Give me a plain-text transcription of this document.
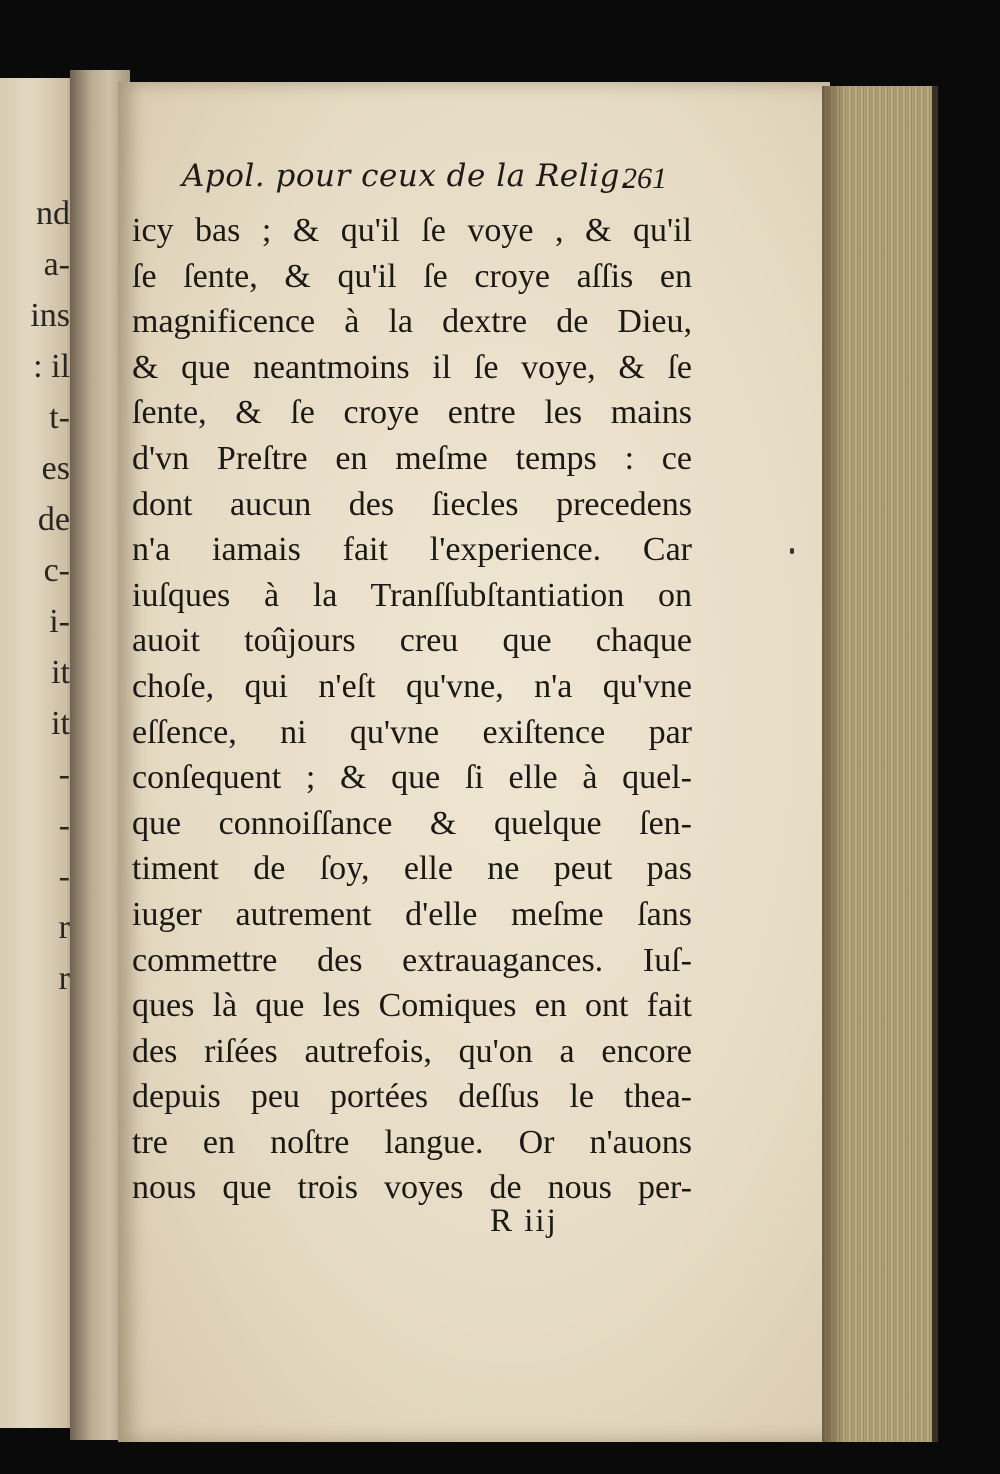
nd
a-
ins
: il
t-
es
de
c-
i-
it
it
-
-
-
r
r
Apol. pour ceux de la Relig.
261
icy bas ; & qu'il ſe voye , & qu'il
ſe ſente, & qu'il ſe croye aſſis en
magnificence à la dextre de Dieu,
& que neantmoins il ſe voye, & ſe
ſente, & ſe croye entre les mains
d'vn Preſtre en meſme temps : ce
dont aucun des ſiecles precedens
n'a iamais fait l'experience. Car
iuſques à la Tranſſubſtantiation on
auoit toûjours creu que chaque
choſe, qui n'eſt qu'vne, n'a qu'vne
eſſence, ni qu'vne exiſtence par
conſequent ; & que ſi elle à quel-
que connoiſſance & quelque ſen-
timent de ſoy, elle ne peut pas
iuger autrement d'elle meſme ſans
commettre des extrauagances. Iuſ-
ques là que les Comiques en ont fait
des riſées autrefois, qu'on a encore
depuis peu portées deſſus le thea-
tre en noſtre langue. Or n'auons
nous que trois voyes de nous per-
R iij
